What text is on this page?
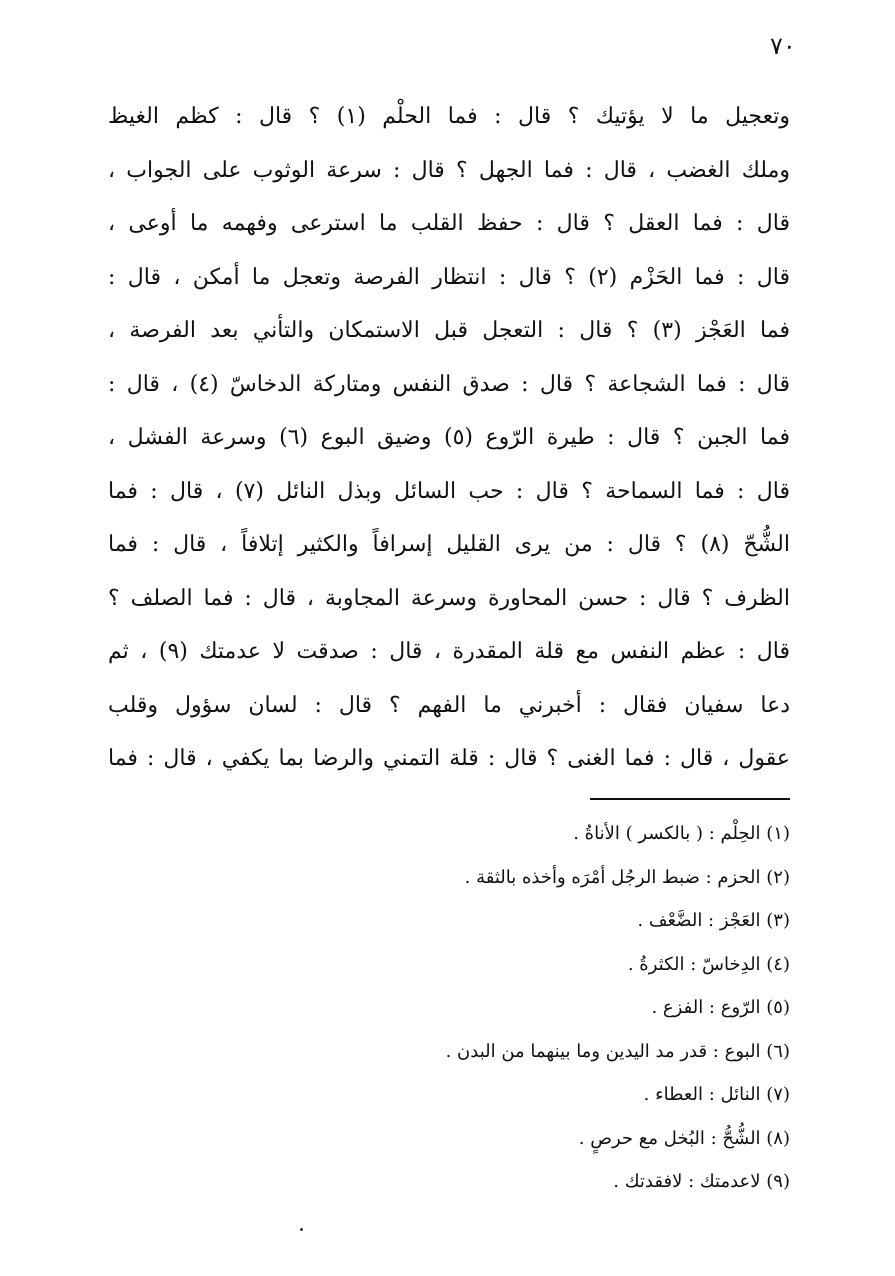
٧٠
وتعجيل ما لا يؤتيك ؟ قال : فما الحلْم (١) ؟ قال : كظم الغيظ
وملك الغضب ، قال : فما الجهل ؟ قال : سرعة الوثوب على الجواب ،
قال : فما العقل ؟ قال : حفظ القلب ما استرعى وفهمه ما أوعى ،
قال : فما الحَزْم (٢) ؟ قال : انتظار الفرصة وتعجل ما أمكن ، قال :
فما العَجْز (٣) ؟ قال : التعجل قبل الاستمكان والتأني بعد الفرصة ،
قال : فما الشجاعة ؟ قال : صدق النفس ومتاركة الدخاسّ (٤) ، قال :
فما الجبن ؟ قال : طيرة الرّوع (٥) وضيق البوع (٦) وسرعة الفشل ،
قال : فما السماحة ؟ قال : حب السائل وبذل النائل (٧) ، قال : فما
الشُّحّ (٨) ؟ قال : من يرى القليل إسرافاً والكثير إتلافاً ، قال : فما
الظرف ؟ قال : حسن المحاورة وسرعة المجاوبة ، قال : فما الصلف ؟
قال : عظم النفس مع قلة المقدرة ، قال : صدقت لا عدمتك (٩) ، ثم
دعا سفيان فقال : أخبرني ما الفهم ؟ قال : لسان سؤول وقلب
عقول ، قال : فما الغنى ؟ قال : قلة التمني والرضا بما يكفي ، قال : فما
(١) الحِلْم : ( بالكسر ) الأناةُ .
(٢) الحزم : ضبط الرجُل أمْرَه وأخذه بالثقة .
(٣) العَجْز : الضَّعْف .
(٤) الدِخاسّ : الكثرةُ .
(٥) الرّوع : الفزع .
(٦) البوع : قدر مد اليدين وما بينهما من البدن .
(٧) النائل : العطاء .
(٨) الشُّحُّ : البُخل مع حرصٍ .
(٩) لاعدمتك : لافقدتك .
